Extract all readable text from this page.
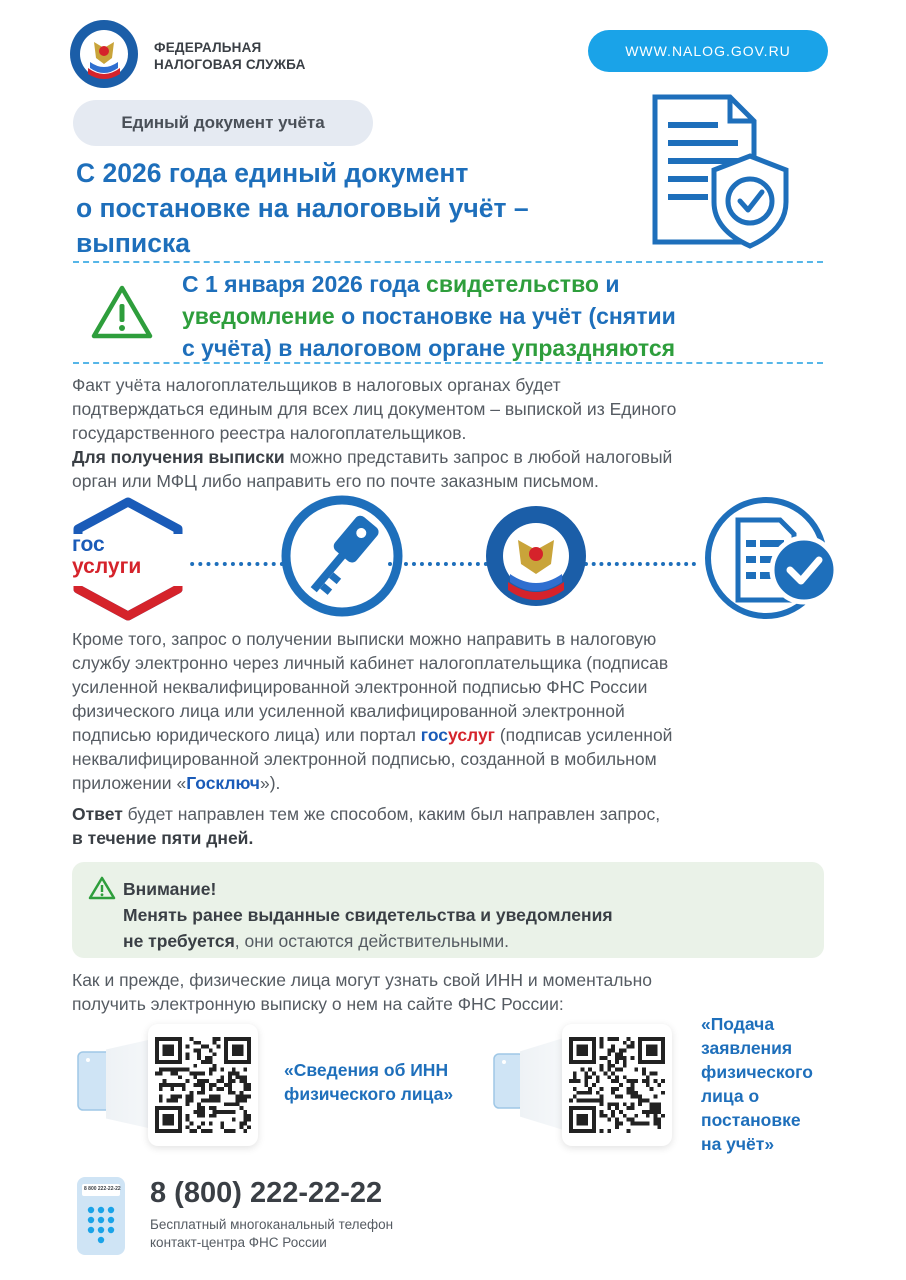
ФЕДЕРАЛЬНАЯ
НАЛОГОВАЯ СЛУЖБА
WWW.NALOG.GOV.RU
Единый документ учёта
С 2026 года единый документ
о постановке на налоговый учёт –
выписка
С 1 января 2026 года свидетельство и
уведомление о постановке на учёт (снятии
с учёта) в налоговом органе упраздняются
Факт учёта налогоплательщиков в налоговых органах будет
подтверждаться единым для всех лиц документом – выпиской из Единого
государственного реестра налогоплательщиков.
Для получения выписки можно представить запрос в любой налоговый
орган или МФЦ либо направить его по почте заказным письмом.
гос
услуги
Кроме того, запрос о получении выписки можно направить в налоговую
службу электронно через личный кабинет налогоплательщика (подписав
усиленной неквалифицированной электронной подписью ФНС России
физического лица или усиленной квалифицированной электронной
подписью юридического лица) или портал госуслуг (подписав усиленной
неквалифицированной электронной подписью, созданной в мобильном
приложении «Госключ»).
Ответ будет направлен тем же способом, каким был направлен запрос,
в течение пяти дней.
Внимание!
Менять ранее выданные свидетельства и уведомления
не требуется, они остаются действительными.
Как и прежде, физические лица могут узнать свой ИНН и моментально
получить электронную выписку о нем на сайте ФНС России:
«Сведения об ИНН
физического лица»
«Подача
заявления
физического
лица о
постановке
на учёт»
8 800 222-22-22 8 (800) 222-22-22
Бесплатный многоканальный телефон
контакт-центра ФНС России
